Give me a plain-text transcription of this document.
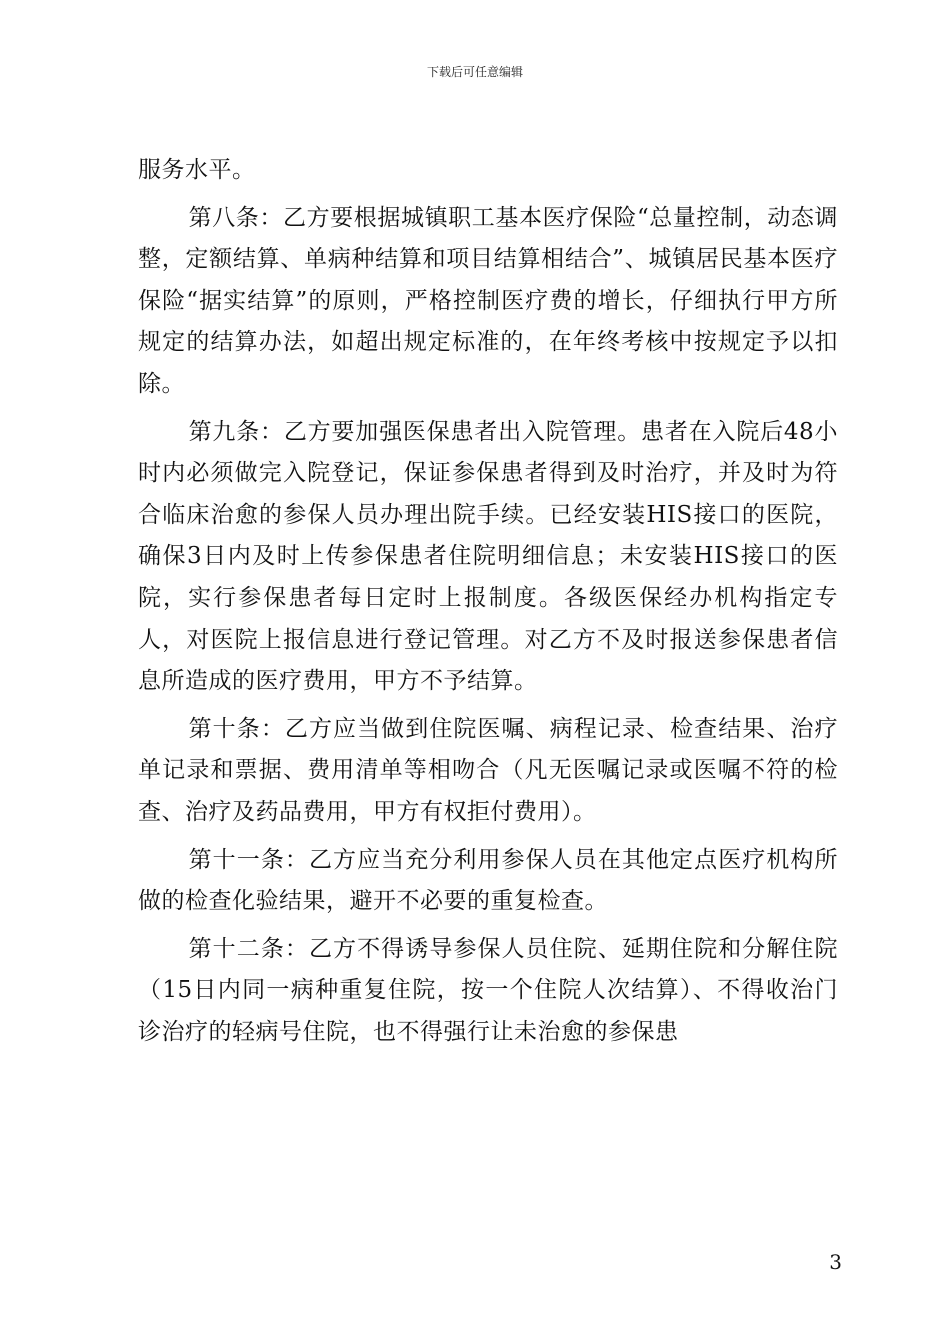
下载后可任意编辑

服务水平。

第八条：乙方要根据城镇职工基本医疗保险“总量控制，动态调整，定额结算、单病种结算和项目结算相结合”、城镇居民基本医疗保险“据实结算”的原则，严格控制医疗费的增长，仔细执行甲方所规定的结算办法，如超出规定标准的，在年终考核中按规定予以扣除。

第九条：乙方要加强医保患者出入院管理。患者在入院后48小时内必须做完入院登记，保证参保患者得到及时治疗，并及时为符合临床治愈的参保人员办理出院手续。已经安装HIS接口的医院，确保3日内及时上传参保患者住院明细信息；未安装HIS接口的医院，实行参保患者每日定时上报制度。各级医保经办机构指定专人，对医院上报信息进行登记管理。对乙方不及时报送参保患者信息所造成的医疗费用，甲方不予结算。

第十条：乙方应当做到住院医嘱、病程记录、检查结果、治疗单记录和票据、费用清单等相吻合（凡无医嘱记录或医嘱不符的检查、治疗及药品费用，甲方有权拒付费用）。

第十一条：乙方应当充分利用参保人员在其他定点医疗机构所做的检查化验结果，避开不必要的重复检查。

第十二条：乙方不得诱导参保人员住院、延期住院和分解住院（15日内同一病种重复住院，按一个住院人次结算）、不得收治门诊治疗的轻病号住院，也不得强行让未治愈的参保患

3
